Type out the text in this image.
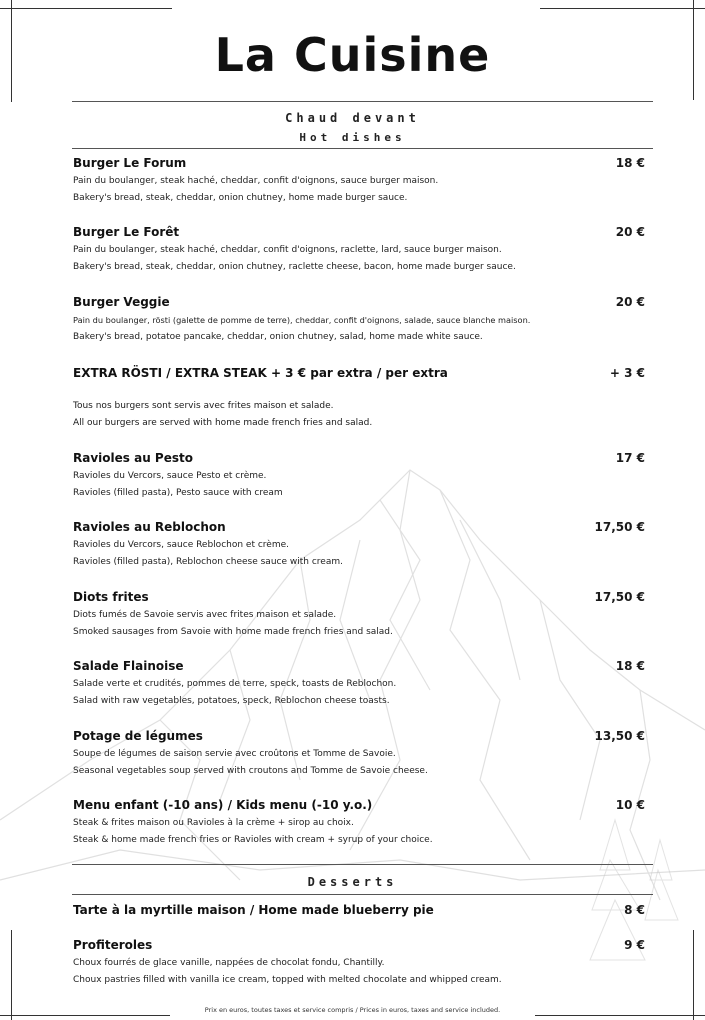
La Cuisine
Chaud devant
Hot dishes
Burger Le Forum	18 €
Pain du boulanger, steak haché, cheddar, confit d'oignons, sauce burger maison.
Bakery's bread, steak, cheddar, onion chutney, home made burger sauce.
Burger Le Forêt	20 €
Pain du boulanger, steak haché, cheddar, confit d'oignons, raclette, lard, sauce burger maison.
Bakery's bread, steak, cheddar, onion chutney, raclette cheese, bacon, home made burger sauce.
Burger Veggie	20 €
Pain du boulanger, rösti (galette de pomme de terre), cheddar, confit d'oignons, salade, sauce blanche maison.
Bakery's bread, potatoe pancake, cheddar, onion chutney, salad, home made white sauce.
EXTRA RÖSTI / EXTRA STEAK + 3 € par extra / per extra	+ 3 €
Tous nos burgers sont servis avec frites maison et salade.
All our burgers are served with home made french fries and salad.
Ravioles au Pesto	17 €
Ravioles du Vercors, sauce Pesto et crème.
Ravioles (filled pasta), Pesto sauce with cream
Ravioles au Reblochon	17,50 €
Ravioles du Vercors, sauce Reblochon et crème.
Ravioles (filled pasta), Reblochon cheese sauce with cream.
Diots frites	17,50 €
Diots fumés de Savoie servis avec frites maison et salade.
Smoked sausages from Savoie with home made french fries and salad.
Salade Flainoise	18 €
Salade verte et crudités, pommes de terre, speck, toasts de Reblochon.
Salad with raw vegetables, potatoes, speck, Reblochon cheese toasts.
Potage de légumes	13,50 €
Soupe de légumes de saison servie avec croûtons et Tomme de Savoie.
Seasonal vegetables soup served with croutons and Tomme de Savoie cheese.
Menu enfant (-10 ans) / Kids menu (-10 y.o.)	10 €
Steak & frites maison ou Ravioles à la crème + sirop au choix.
Steak & home made french fries or Ravioles with cream + syrup of your choice.
Desserts
Tarte à la myrtille maison / Home made blueberry pie	8 €
Profiteroles	9 €
Choux fourrés de glace vanille, nappées de chocolat fondu, Chantilly.
Choux pastries filled with vanilla ice cream, topped with melted chocolate and whipped cream.
Prix en euros, toutes taxes et service compris / Prices in euros, taxes and service included.
